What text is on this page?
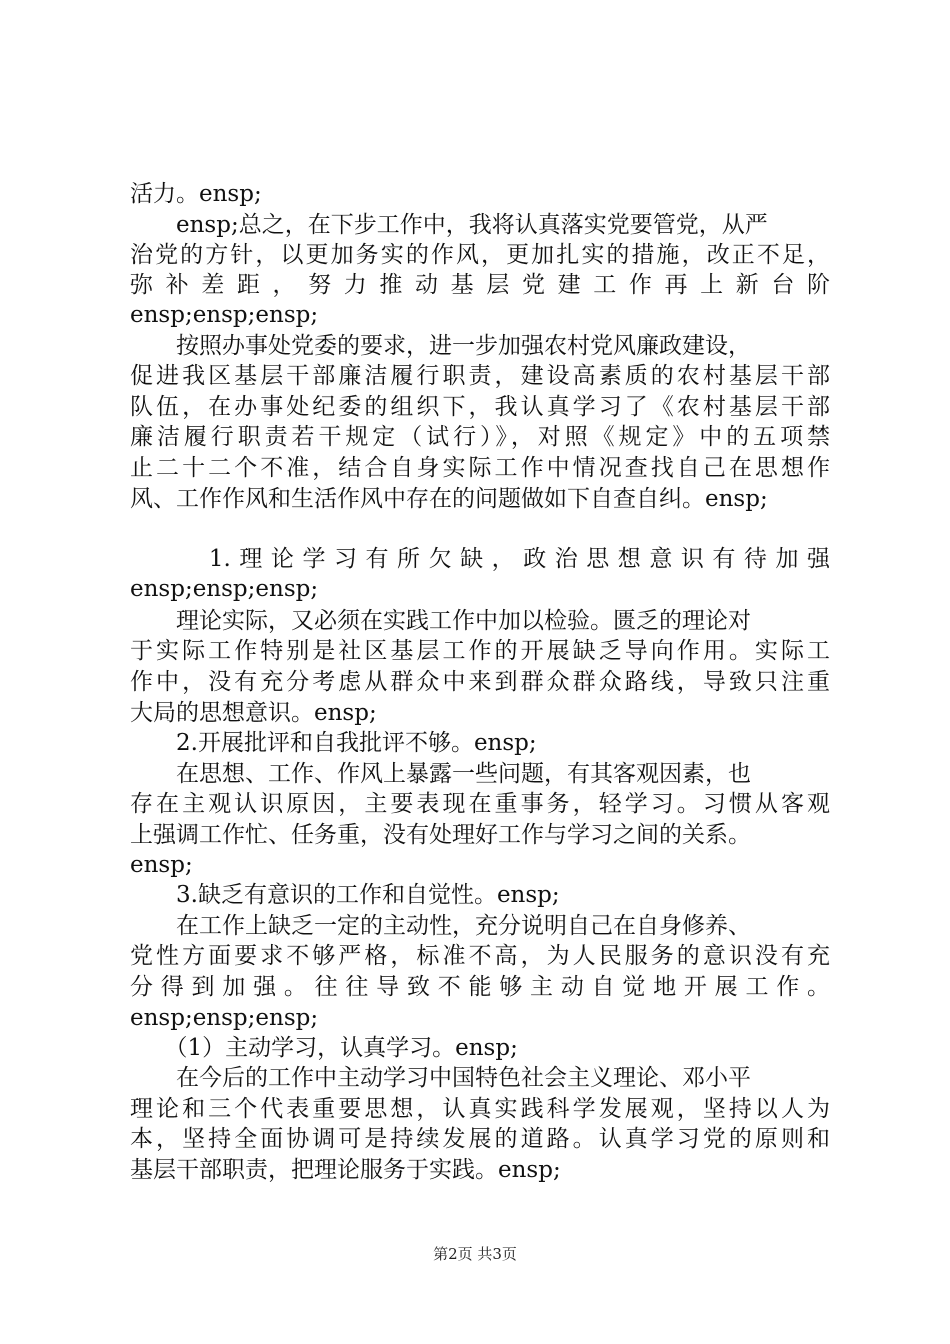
活力。ensp;
　　ensp;总之，在下步工作中，我将认真落实党要管党，从严
治党的方针，以更加务实的作风，更加扎实的措施，改正不足，
弥补差距，努力推动基层党建工作再上新台阶
ensp;ensp;ensp;
　　按照办事处党委的要求，进一步加强农村党风廉政建设，
促进我区基层干部廉洁履行职责，建设高素质的农村基层干部
队伍，在办事处纪委的组织下，我认真学习了《农村基层干部
廉洁履行职责若干规定（试行）》，对照《规定》中的五项禁
止二十二个不准，结合自身实际工作中情况查找自己在思想作
风、工作作风和生活作风中存在的问题做如下自查自纠。ensp;
　　 1.理论学习有所欠缺，政治思想意识有待加强
ensp;ensp;ensp;
　　理论实际，又必须在实践工作中加以检验。匮乏的理论对
于实际工作特别是社区基层工作的开展缺乏导向作用。实际工
作中，没有充分考虑从群众中来到群众群众路线，导致只注重
大局的思想意识。ensp;
　　2.开展批评和自我批评不够。ensp;
　　在思想、工作、作风上暴露一些问题，有其客观因素，也
存在主观认识原因，主要表现在重事务，轻学习。习惯从客观
上强调工作忙、任务重，没有处理好工作与学习之间的关系。
ensp;
　　3.缺乏有意识的工作和自觉性。ensp;
　　在工作上缺乏一定的主动性，充分说明自己在自身修养、
党性方面要求不够严格，标准不高，为人民服务的意识没有充
分得到加强。往往导致不能够主动自觉地开展工作。
ensp;ensp;ensp;
　　（1）主动学习，认真学习。ensp;
　　在今后的工作中主动学习中国特色社会主义理论、邓小平
理论和三个代表重要思想，认真实践科学发展观，坚持以人为
本，坚持全面协调可是持续发展的道路。认真学习党的原则和
基层干部职责，把理论服务于实践。ensp;
第2页 共3页
